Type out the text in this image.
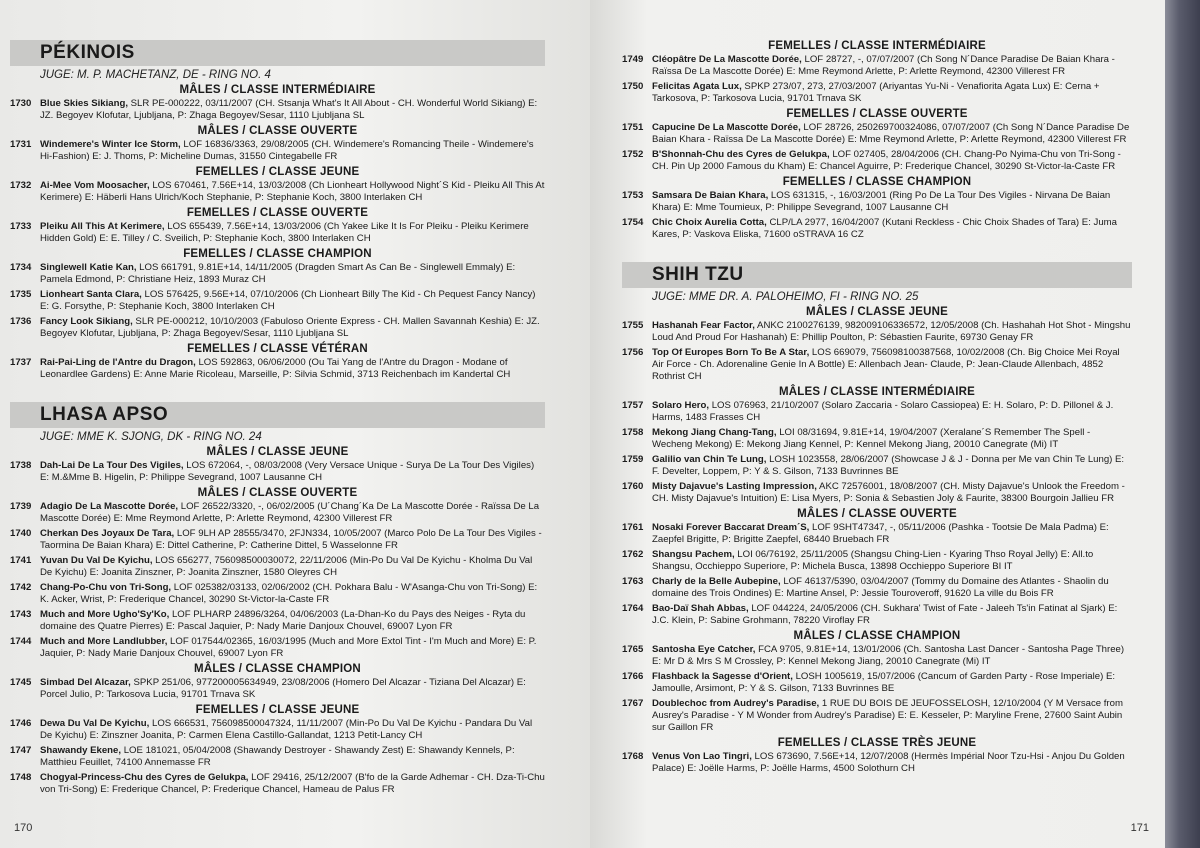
PÉKINOIS
JUGE: M. P. MACHETANZ, DE - RING NO. 4
MÂLES / CLASSE INTERMÉDIAIRE
1730 Blue Skies Sikiang, SLR PE-000222, 03/11/2007 (CH. Stsanja What's It All About - CH. Wonderful World Sikiang) E: JZ. Begoyev Klofutar, Ljubljana, P: Zhaga Begoyev/Sesar, 1110 Ljubljana SL
MÂLES / CLASSE OUVERTE
1731 Windemere's Winter Ice Storm, LOF 16836/3363, 29/08/2005 (CH. Windemere's Romancing Theile - Windemere's Hi-Fashion) E: J. Thoms, P: Micheline Dumas, 31550 Cintegabelle FR
FEMELLES / CLASSE JEUNE
1732 Ai-Mee Vom Moosacher, LOS 670461, 7.56E+14, 13/03/2008 (Ch Lionheart Hollywood Night´S Kid - Pleiku All This At Kerimere) E: Häberli Hans Ulrich/Koch Stephanie, P: Stephanie Koch, 3800 Interlaken CH
FEMELLES / CLASSE OUVERTE
1733 Pleiku All This At Kerimere, LOS 655439, 7.56E+14, 13/03/2006 (Ch Yakee Like It Is For Pleiku - Pleiku Kerimere Hidden Gold) E: E. Tilley / C. Sveilich, P: Stephanie Koch, 3800 Interlaken CH
FEMELLES / CLASSE CHAMPION
1734 Singlewell Katie Kan, LOS 661791, 9.81E+14, 14/11/2005 (Dragden Smart As Can Be - Singlewell Emmaly) E: Pamela Edmond, P: Christiane Heiz, 1893 Muraz CH
1735 Lionheart Santa Clara, LOS 576425, 9.56E+14, 07/10/2006 (Ch Lionheart Billy The Kid - Ch Pequest Fancy Nancy) E: G. Forsythe, P: Stephanie Koch, 3800 Interlaken CH
1736 Fancy Look Sikiang, SLR PE-000212, 10/10/2003 (Fabuloso Oriente Express - CH. Mallen Savannah Keshia) E: JZ. Begoyev Klofutar, Ljubljana, P: Zhaga Begoyev/Sesar, 1110 Ljubljana SL
FEMELLES / CLASSE VÉTÉRAN
1737 Rai-Pai-Ling de l'Antre du Dragon, LOS 592863, 06/06/2000 (Ou Tai Yang de l'Antre du Dragon - Modane of Leonardlee Gardens) E: Anne Marie Ricoleau, Marseille, P: Silvia Schmid, 3713 Reichenbach im Kandertal CH
LHASA APSO
JUGE: MME K. SJONG, DK - RING NO. 24
MÂLES / CLASSE JEUNE
1738 Dah-Lai De La Tour Des Vigiles, LOS 672064, -, 08/03/2008 (Very Versace Unique - Surya De La Tour Des Vigiles) E: M.&Mme B. Higelin, P: Philippe Sevegrand, 1007 Lausanne CH
MÂLES / CLASSE OUVERTE
1739 Adagio De La Mascotte Dorée, LOF 26522/3320, -, 06/02/2005 (U´Chang´Ka De La Mascotte Dorée - Raïssa De La Mascotte Dorée) E: Mme Reymond Arlette, P: Arlette Reymond, 42300 Villerest FR
1740 Cherkan Des Joyaux De Tara, LOF 9LH AP 28555/3470, 2FJN334, 10/05/2007 (Marco Polo De La Tour Des Vigiles - Taormina De Baian Khara) E: Dittel Catherine, P: Catherine Dittel, 5 Wasselonne FR
1741 Yuvan Du Val De Kyichu, LOS 656277, 756098500030072, 22/11/2006 (Min-Po Du Val De Kyichu - Kholma Du Val De Kyichu) E: Joanita Zinszner, P: Joanita Zinszner, 1580 Oleyres CH
1742 Chang-Po-Chu von Tri-Song, LOF 025382/03133, 02/06/2002 (CH. Pokhara Balu - W'Asanga-Chu von Tri-Song) E: K. Acker, Wrist, P: Frederique Chancel, 30290 St-Victor-la-Caste FR
1743 Much and More Ugho'Sy'Ko, LOF PLHARP 24896/3264, 04/06/2003 (La-Dhan-Ko du Pays des Neiges - Ryta du domaine des Quatre Pierres) E: Pascal Jaquier, P: Nady Marie Danjoux Chouvel, 69007 Lyon FR
1744 Much and More Landlubber, LOF 017544/02365, 16/03/1995 (Much and More Extol Tint - I'm Much and More) E: P. Jaquier, P: Nady Marie Danjoux Chouvel, 69007 Lyon FR
MÂLES / CLASSE CHAMPION
1745 Simbad Del Alcazar, SPKP 251/06, 977200005634949, 23/08/2006 (Homero Del Alcazar - Tiziana Del Alcazar) E: Porcel Julio, P: Tarkosova Lucia, 91701 Trnava SK
FEMELLES / CLASSE JEUNE
1746 Dewa Du Val De Kyichu, LOS 666531, 756098500047324, 11/11/2007 (Min-Po Du Val De Kyichu - Pandara Du Val De Kyichu) E: Zinszner Joanita, P: Carmen Elena Castillo-Gallandat, 1213 Petit-Lancy CH
1747 Shawandy Ekene, LOE 181021, 05/04/2008 (Shawandy Destroyer - Shawandy Zest) E: Shawandy Kennels, P: Matthieu Feuillet, 74100 Annemasse FR
1748 Chogyal-Princess-Chu des Cyres de Gelukpa, LOF 29416, 25/12/2007 (B'fo de la Garde Adhemar - CH. Dza-Ti-Chu von Tri-Song) E: Frederique Chancel, P: Frederique Chancel, Hameau de Palus FR
170
FEMELLES / CLASSE INTERMÉDIAIRE
1749 Cléopâtre De La Mascotte Dorée, LOF 28727, -, 07/07/2007 (Ch Song N´Dance Paradise De Baian Khara - Raïssa De La Mascotte Dorée) E: Mme Reymond Arlette, P: Arlette Reymond, 42300 Villerest FR
1750 Felicitas Agata Lux, SPKP 273/07, 273, 27/03/2007 (Ariyantas Yu-Ni - Venafiorita Agata Lux) E: Cerna + Tarkosova, P: Tarkosova Lucia, 91701 Trnava SK
FEMELLES / CLASSE OUVERTE
1751 Capucine De La Mascotte Dorée, LOF 28726, 250269700324086, 07/07/2007 (Ch Song N´Dance Paradise De Baian Khara - Raïssa De La Mascotte Dorée) E: Mme Reymond Arlette, P: Arlette Reymond, 42300 Villerest FR
1752 B'Shonnah-Chu des Cyres de Gelukpa, LOF 027405, 28/04/2006 (CH. Chang-Po Nyima-Chu von Tri-Song - CH. Pin Up 2000 Famous du Kham) E: Chancel Aguirre, P: Frederique Chancel, 30290 St-Victor-la-Caste FR
FEMELLES / CLASSE CHAMPION
1753 Samsara De Baian Khara, LOS 631315, -, 16/03/2001 (Ring Po De La Tour Des Vigiles - Nirvana De Baian Khara) E: Mme Toumieux, P: Philippe Sevegrand, 1007 Lausanne CH
1754 Chic Choix Aurelia Cotta, CLP/LA 2977, 16/04/2007 (Kutani Reckless - Chic Choix Shades of Tara) E: Juma Kares, P: Vaskova Eliska, 71600 oSTRAVA 16 CZ
SHIH TZU
JUGE: MME DR. A. PALOHEIMO, FI - RING NO. 25
MÂLES / CLASSE JEUNE
1755 Hashanah Fear Factor, ANKC 2100276139, 982009106336572, 12/05/2008 (Ch. Hashahah Hot Shot - Mingshu Loud And Proud For Hashanah) E: Phillip Poulton, P: Sébastien Faurite, 69730 Genay FR
1756 Top Of Europes Born To Be A Star, LOS 669079, 756098100387568, 10/02/2008 (Ch. Big Choice Mei Royal Air Force - Ch. Adorenaline Genie In A Bottle) E: Allenbach Jean- Claude, P: Jean-Claude Allenbach, 4852 Rothrist CH
MÂLES / CLASSE INTERMÉDIAIRE
1757 Solaro Hero, LOS 076963, 21/10/2007 (Solaro Zaccaria - Solaro Cassiopea) E: H. Solaro, P: D. Pillonel & J. Harms, 1483 Frasses CH
1758 Mekong Jiang Chang-Tang, LOI 08/31694, 9.81E+14, 19/04/2007 (Xeralane´S Remember The Spell - Wecheng Mekong) E: Mekong Jiang Kennel, P: Kennel Mekong Jiang, 20010 Canegrate (Mi) IT
1759 Galilio van Chin Te Lung, LOSH 1023558, 28/06/2007 (Showcase J & J - Donna per Me van Chin Te Lung) E: F. Develter, Loppem, P: Y & S. Gilson, 7133 Buvrinnes BE
1760 Misty Dajavue's Lasting Impression, AKC 72576001, 18/08/2007 (CH. Misty Dajavue's Unlook the Freedom - CH. Misty Dajavue's Intuition) E: Lisa Myers, P: Sonia & Sebastien Joly & Faurite, 38300 Bourgoin Jallieu FR
MÂLES / CLASSE OUVERTE
1761 Nosaki Forever Baccarat Dream´S, LOF 9SHT47347, -, 05/11/2006 (Pashka - Tootsie De Mala Padma) E: Zaepfel Brigitte, P: Brigitte Zaepfel, 68440 Bruebach FR
1762 Shangsu Pachem, LOI 06/76192, 25/11/2005 (Shangsu Ching-Lien - Kyaring Thso Royal Jelly) E: All.to Shangsu, Occhieppo Superiore, P: Michela Busca, 13898 Occhieppo Superiore BI IT
1763 Charly de la Belle Aubepine, LOF 46137/5390, 03/04/2007 (Tommy du Domaine des Atlantes - Shaolin du domaine des Trois Ondines) E: Martine Ansel, P: Jessie Touroveroff, 91620 La ville du Bois FR
1764 Bao-Daï Shah Abbas, LOF 044224, 24/05/2006 (CH. Sukhara' Twist of Fate - Jaleeh Ts'in Fatinat al Sjark) E: J.C. Klein, P: Sabine Grohmann, 78220 Viroflay FR
MÂLES / CLASSE CHAMPION
1765 Santosha Eye Catcher, FCA 9705, 9.81E+14, 13/01/2006 (Ch. Santosha Last Dancer - Santosha Page Three) E: Mr D & Mrs S M Crossley, P: Kennel Mekong Jiang, 20010 Canegrate (Mi) IT
1766 Flashback la Sagesse d'Orient, LOSH 1005619, 15/07/2006 (Cancum of Garden Party - Rose Imperiale) E: Jamoulle, Arsimont, P: Y & S. Gilson, 7133 Buvrinnes BE
1767 Doublechoc from Audrey's Paradise, 1 RUE DU BOIS DE JEUFOSSELOSH, 12/10/2004 (Y M Versace from Ausrey's Paradise - Y M Wonder from Audrey's Paradise) E: E. Kesseler, P: Maryline Frene, 27600 Saint Aubin sur Gaillon FR
FEMELLES / CLASSE TRÈS JEUNE
1768 Venus Von Lao Tingri, LOS 673690, 7.56E+14, 12/07/2008 (Hermès Impérial Noor Tzu-Hsi - Anjou Du Golden Palace) E: Joëlle Harms, P: Joëlle Harms, 4500 Solothurn CH
171
